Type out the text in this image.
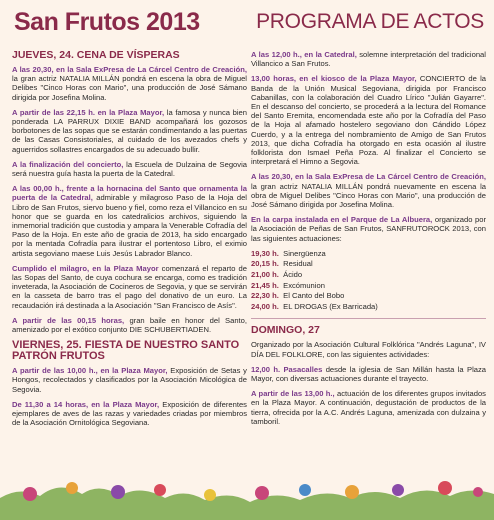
San Frutos 2013	PROGRAMA DE ACTOS
JUEVES, 24. CENA DE VÍSPERAS
A las 20,30, en la Sala ExPresa de La Cárcel Centro de Creación, la gran actriz NATALIA MILLÁN pondrá en escena la obra de Miguel Delibes "Cinco Horas con Mario", una producción de José Sámano dirigida por Josefina Molina.
A partir de las 22,15 h. en la Plaza Mayor, la famosa y nunca bien ponderada LA PARRUX DIXIE BAND acompañará los gozosos borbotones de las sopas que se estarán condimentando a las puertas de las Casas Consistoriales, al cuidado de los avezados chefs y aguerridos sollastres encargados de su adecuado bullir.
A la finalización del concierto, la Escuela de Dulzaina de Segovia será nuestra guía hasta la puerta de la Catedral.
A las 00,00 h., frente a la hornacina del Santo que ornamenta la puerta de la Catedral, admirable y milagroso Paso de la Hoja del Libro de San Frutos, siervo bueno y fiel, como reza el Villancico en su honor que se guarda en los catedralicios archivos, siguiendo la inmemorial tradición que custodia y ampara la Venerable Cofradía del Paso de la Hoja. En este año de gracia de 2013, ha sido encargado por la mentada Cofradía para ilustrar el portentoso Libro, el eximio artista segoviano maese Luis Jesús Labrador Blanco.
Cumplido el milagro, en la Plaza Mayor comenzará el reparto de las Sopas del Santo, de cuya cochura se encarga, como es tradición inveterada, la Asociación de Cocineros de Segovia, y que se servirán en la casseta de barro tras el pago del donativo de un euro. La recaudación irá destinada a la Asociación "San Francisco de Asís".
A partir de las 00,15 horas, gran baile en honor del Santo, amenizado por el exótico conjunto DIE SCHUBERTIADEN.
VIERNES, 25. FIESTA DE NUESTRO SANTO PATRÓN FRUTOS
A partir de las 10,00 h., en la Plaza Mayor, Exposición de Setas y Hongos, recolectados y clasificados por la Asociación Micológica de Segovia.
De 11,30 a 14 horas, en la Plaza Mayor, Exposición de diferentes ejemplares de aves de las razas y variedades criadas por miembros de la Asociación Ornitológica Segoviana.
A las 12,00 h., en la Catedral, solemne interpretación del tradicional Villancico a San Frutos.
13,00 horas, en el kiosco de la Plaza Mayor, CONCIERTO de la Banda de la Unión Musical Segoviana, dirigida por Francisco Cabanillas, con la colaboración del Cuadro Lírico "Julián Gayarre". En el descanso del concierto, se procederá a la lectura del Romance del Santo Eremita, encomendada este año por la Cofradía del Paso de la Hoja al afamado hostelero segoviano don Cándido López Cuerdo, y a la entrega del nombramiento de Amigo de San Frutos 2013, que dicha Cofradía ha otorgado en esta ocasión al ilustre folklorista don Ismael Peña Poza. Al finalizar el Concierto se interpretará el Himno a Segovia.
A las 20,30, en la Sala ExPresa de La Cárcel Centro de Creación, la gran actriz NATALIA MILLÁN pondrá nuevamente en escena la obra de Miguel Delibes "Cinco Horas con Mario", una producción de José Sámano dirigida por Josefina Molina.
En la carpa instalada en el Parque de La Albuera, organizado por la Asociación de Peñas de San Frutos, SANFRUTOROCK 2013, con las siguientes actuaciones:
19,30 h. Sinergüenza
20,15 h. Residual
21,00 h. Ácido
21,45 h. Excómunion
22,30 h. El Canto del Bobo
24,00 h. EL DROGAS (Ex Barricada)
DOMINGO, 27
Organizado por la Asociación Cultural Folklórica "Andrés Laguna", IV DÍA DEL FOLKLORE, con las siguientes actividades:
12,00 h. Pasacalles desde la iglesia de San Millán hasta la Plaza Mayor, con diversas actuaciones durante el trayecto.
A partir de las 13,00 h., actuación de los diferentes grupos invitados en la Plaza Mayor. A continuación, degustación de productos de la tierra, ofrecida por la A.C. Andrés Laguna, amenizada con dulzaina y tamboril.
